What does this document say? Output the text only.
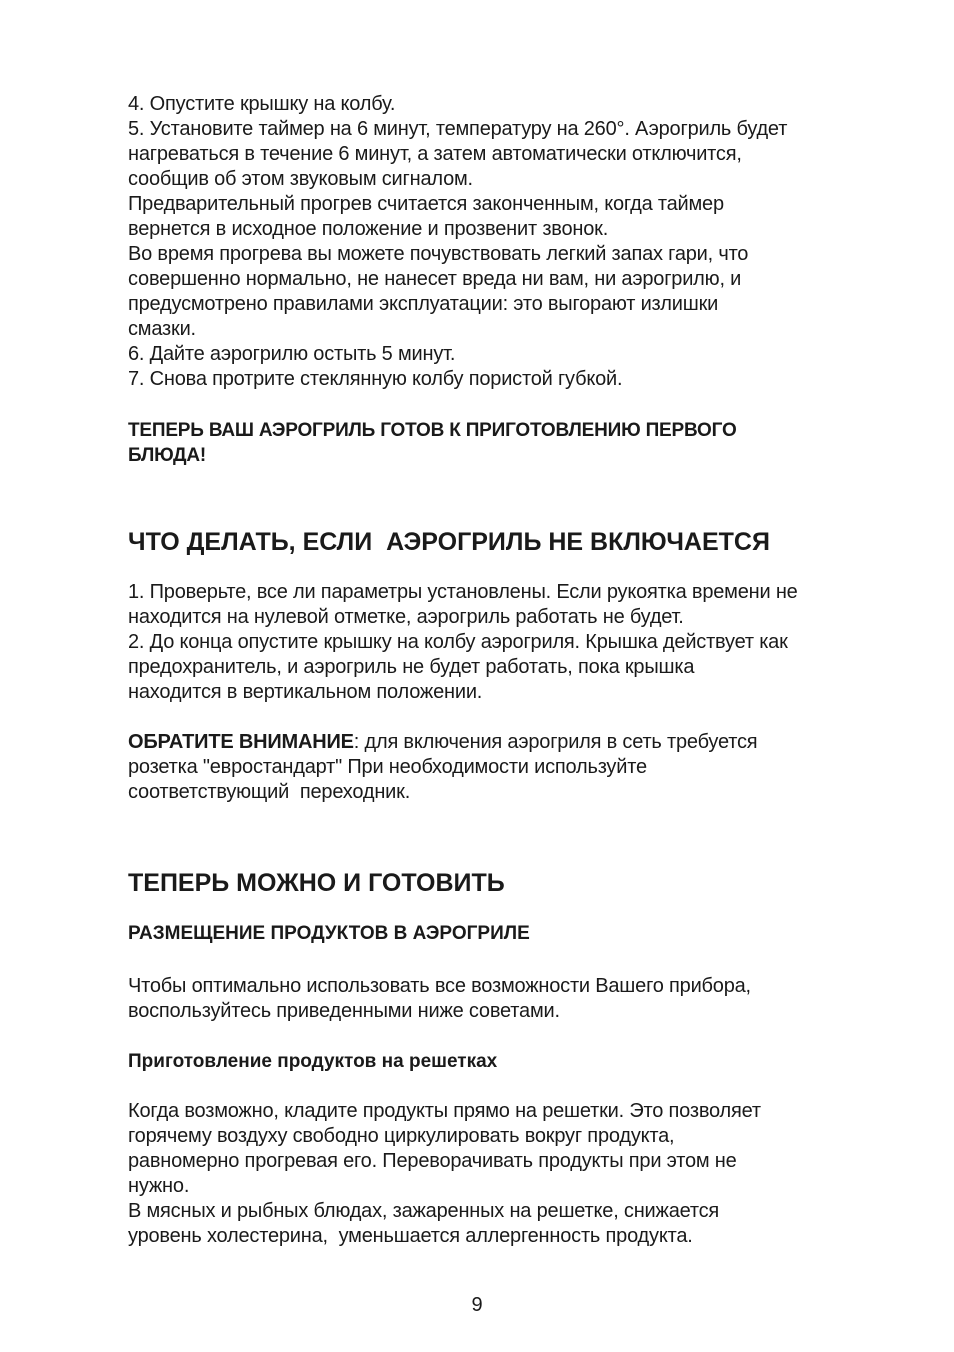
4. Опустите крышку на колбу.
5. Установите таймер на 6 минут, температуру на 260°. Аэрогриль будет
нагреваться в течение 6 минут, а затем автоматически отключится,
сообщив об этом звуковым сигналом.
Предварительный прогрев считается законченным, когда таймер
вернется в исходное положение и прозвенит звонок.
Во время прогрева вы можете почувствовать легкий запах гари, что
совершенно нормально, не нанесет вреда ни вам, ни аэрогрилю, и
предусмотрено правилами эксплуатации: это выгорают излишки
смазки.
6. Дайте аэрогрилю остыть 5 минут.
7. Снова протрите стеклянную колбу пористой губкой.

ТЕПЕРЬ ВАШ АЭРОГРИЛЬ ГОТОВ К ПРИГОТОВЛЕНИЮ ПЕРВОГО
БЛЮДА!

ЧТО ДЕЛАТЬ, ЕСЛИ  АЭРОГРИЛЬ НЕ ВКЛЮЧАЕТСЯ

1. Проверьте, все ли параметры установлены. Если рукоятка времени не
находится на нулевой отметке, аэрогриль работать не будет.
2. До конца опустите крышку на колбу аэрогриля. Крышка действует как
предохранитель, и аэрогриль не будет работать, пока крышка
находится в вертикальном положении.

ОБРАТИТЕ ВНИМАНИЕ: для включения аэрогриля в сеть требуется
розетка "евростандарт" При необходимости используйте
соответствующий  переходник.

ТЕПЕРЬ МОЖНО И ГОТОВИТЬ
РАЗМЕЩЕНИЕ ПРОДУКТОВ В АЭРОГРИЛЕ

Чтобы оптимально использовать все возможности Вашего прибора,
воспользуйтесь приведенными ниже советами.

Приготовление продуктов на решетках

Когда возможно, кладите продукты прямо на решетки. Это позволяет
горячему воздуху свободно циркулировать вокруг продукта,
равномерно прогревая его. Переворачивать продукты при этом не
нужно.
В мясных и рыбных блюдах, зажаренных на решетке, снижается
уровень холестерина,  уменьшается аллергенность продукта.

9
